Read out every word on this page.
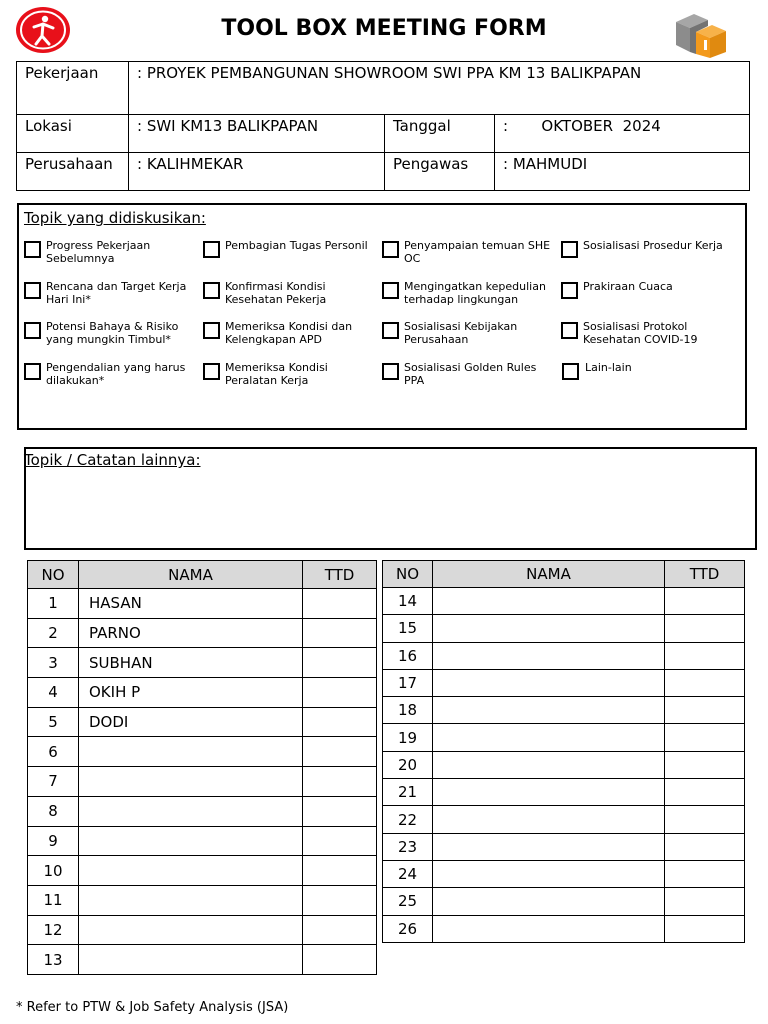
TOOL BOX MEETING FORM
Pekerjaan	: PROYEK PEMBANGUNAN SHOWROOM SWI PPA KM 13 BALIKPAPAN		
Lokasi	: SWI KM13 BALIKPAPAN	Tanggal	:       OKTOBER  2024
Perusahaan	: KALIHMEKAR	Pengawas	: MAHMUDI
Topik yang didiskusikan:
Progress Pekerjaan
Sebelumnya
Pembagian Tugas Personil	Penyampaian temuan SHE
OC
Sosialisasi Prosedur Kerja
Rencana dan Target Kerja
Hari Ini*
Konfirmasi Kondisi
Kesehatan Pekerja
Mengingatkan kepedulian
terhadap lingkungan
Prakiraan Cuaca
Potensi Bahaya & Risiko
yang mungkin Timbul*
Memeriksa Kondisi dan
Kelengkapan APD
Sosialisasi Kebijakan
Perusahaan
Sosialisasi Protokol
Kesehatan COVID-19
Pengendalian yang harus
dilakukan*
Memeriksa Kondisi
Peralatan Kerja
Sosialisasi Golden Rules
PPA
Lain-lain
Topik / Catatan lainnya:
NO	NAMA	TTD
1	HASAN	
2	PARNO	
3	SUBHAN	
4	OKIH P	
5	DODI	
6		
7		
8		
9		
10		
11		
12		
13		
NO	NAMA	TTD
14		
15		
16		
17		
18		
19		
20		
21		
22		
23		
24		
25		
26		
* Refer to PTW & Job Safety Analysis (JSA)
